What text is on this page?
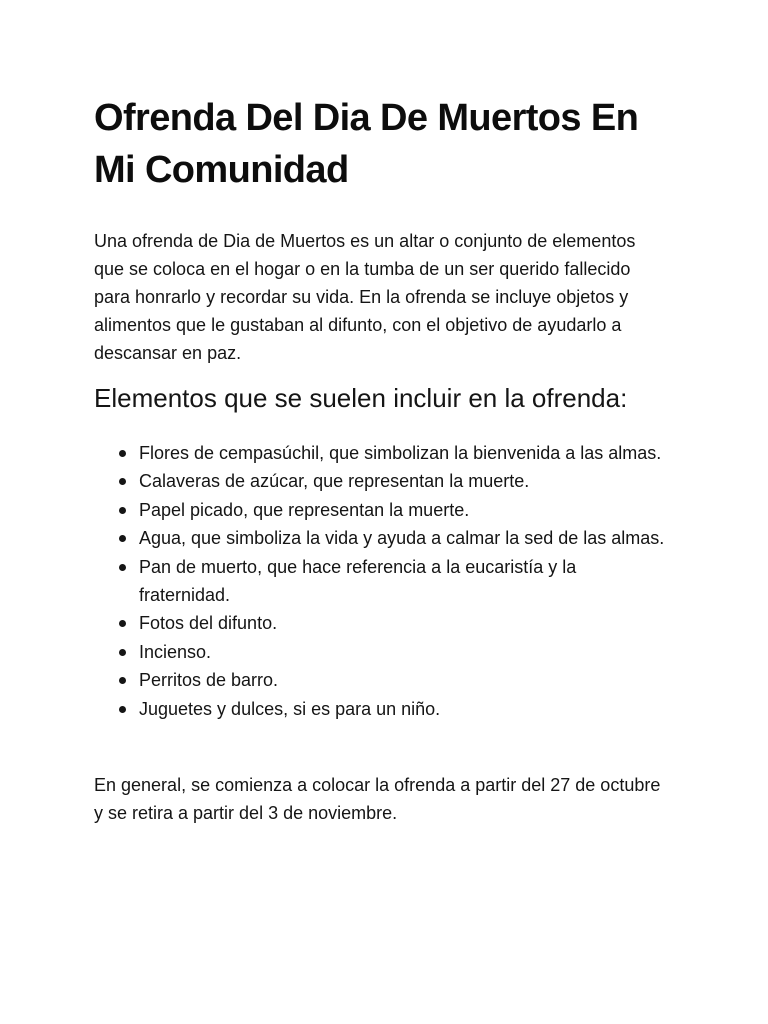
Ofrenda Del Dia De Muertos En Mi Comunidad

Una ofrenda de Dia de Muertos es un altar o conjunto de elementos que se coloca en el hogar o en la tumba de un ser querido fallecido para honrarlo y recordar su vida. En la ofrenda se incluye objetos y alimentos que le gustaban al difunto, con el objetivo de ayudarlo a descansar en paz.

Elementos que se suelen incluir en la ofrenda:
Flores de cempasúchil, que simbolizan la bienvenida a las almas.
Calaveras de azúcar, que representan la muerte.
Papel picado, que representan la muerte.
Agua, que simboliza la vida y ayuda a calmar la sed de las almas.
Pan de muerto, que hace referencia a la eucaristía y la fraternidad.
Fotos del difunto.
Incienso.
Perritos de barro.
Juguetes y dulces, si es para un niño.

En general, se comienza a colocar la ofrenda a partir del 27 de octubre y se retira a partir del 3 de noviembre.
